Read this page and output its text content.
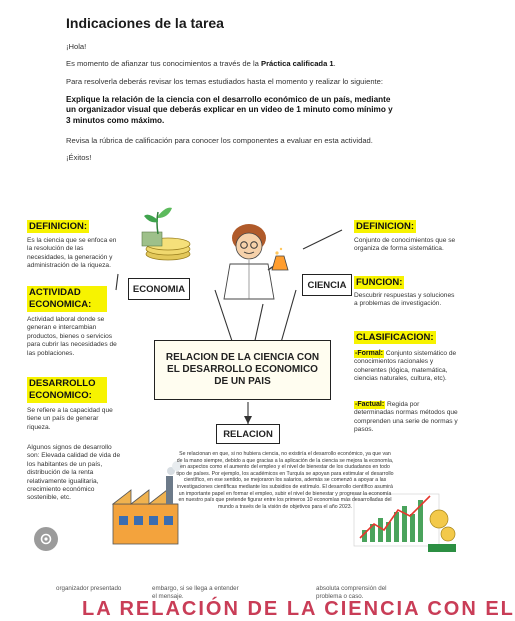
Indicaciones de la tarea

¡Hola!

Es momento de afianzar tus conocimientos a través de la Práctica calificada 1.

Para resolverla deberás revisar los temas estudiados hasta el momento y realizar lo siguiente:

Explique la relación de la ciencia con el desarrollo económico de un país, mediante un organizador visual que deberás explicar en un video de 1 minuto como mínimo y 3 minutos como máximo.

Revisa la rúbrica de calificación para conocer los componentes a evaluar en esta actividad.

¡Éxitos!

DEFINICION:
Es la ciencia que se enfoca en la resolución de las necesidades, la generación y administración de la riqueza.
ACTIVIDAD ECONOMICA:
Actividad laboral donde se generan e intercambian productos, bienes o servicios para cubrir las necesidades de las poblaciones.
DESARROLLO ECONOMICO:
Se refiere a la capacidad que tiene un país de generar riqueza.
Algunos signos de desarrollo son: Elevada calidad de vida de los habitantes de un país, distribución de la renta relativamente igualitaria, crecimiento económico sostenible, etc.
DEFINICION:
Conjunto de conocimientos que se organiza de forma sistemática.
FUNCION:
Descubrir respuestas y soluciones a problemas de investigación.
CLASIFICACION:
-Formal: Conjunto sistemático de conocimientos racionales y coherentes (lógica, matemática, ciencias naturales, cultura, etc).
-Factual: Regida por determinadas normas métodos que comprenden una serie de normas y pasos.
ECONOMIA	CIENCIA
RELACION DE LA CIENCIA CON EL DESARROLLO ECONOMICO DE UN PAIS
RELACION
Se relacionan en que, si no hubiera ciencia, no existiría el desarrollo económico, ya que van de la mano siempre, debido a que gracias a la aplicación de la ciencia se mejora la economía, en aspectos como el aumento del empleo y el nivel de bienestar de los ciudadanos en todo tipo de países. Por ejemplo, los académicos en Turquía se apoyan para estimular el desarrollo científico, en ese sentido, se mejoraron los salarios, además se comenzó a apoyar a las investigaciones científicas mediante los subsidios de estímulo. El desarrollo científico asumirá un importante papel en formar el empleo, subir el nivel de bienestar y progresar la economía en nuestro país que pretende figurar entre los primeros 10 economías más desarrolladas del mundo a través de la visión de objetivos para el año 2023.
organizador presentado	embargo, si se llega a entender
el mensaje.
absoluta comprensión del
problema o caso.
LA RELACIÓN DE LA CIENCIA CON EL
